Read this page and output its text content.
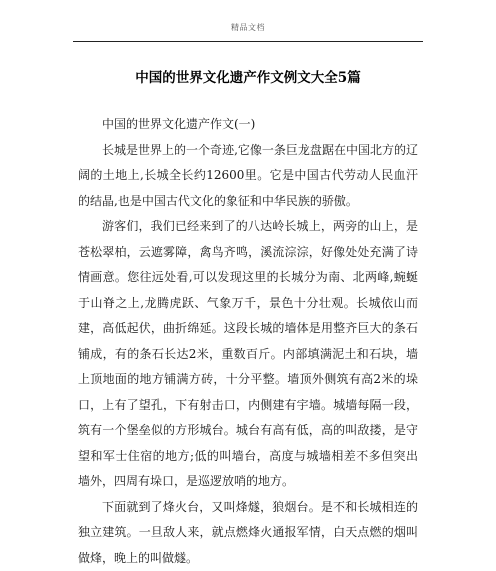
精品文档
中国的世界文化遗产作文例文大全5篇

中国的世界文化遗产作文(一)

长城是世界上的一个奇迹,它像一条巨龙盘踞在中国北方的辽阔的土地上,长城全长约12600里。它是中国古代劳动人民血汗的结晶,也是中国古代文化的象征和中华民族的骄傲。

游客们，我们已经来到了的八达岭长城上，两旁的山上，是苍松翠柏，云遮雾障，禽鸟齐鸣，溪流淙淙，好像处处充满了诗情画意。您往远处看,可以发现这里的长城分为南、北两峰,蜿蜒于山脊之上,龙腾虎跃、气象万千，景色十分壮观。长城依山而建，高低起伏，曲折绵延。这段长城的墙体是用整齐巨大的条石铺成，有的条石长达2米，重数百斤。内部填满泥土和石块，墙上顶地面的地方铺满方砖，十分平整。墙顶外侧筑有高2米的垛口，上有了望孔，下有射击口，内侧建有宇墙。城墙每隔一段，筑有一个堡垒似的方形城台。城台有高有低，高的叫敌搂，是守望和军士住宿的地方;低的叫墙台，高度与城墙相差不多但突出墙外，四周有垛口，是巡逻放哨的地方。

下面就到了烽火台，又叫烽燧，狼烟台。是不和长城相连的独立建筑。一旦敌人来，就点燃烽火通报军情，白天点燃的烟叫做烽，晚上的叫做燧。
